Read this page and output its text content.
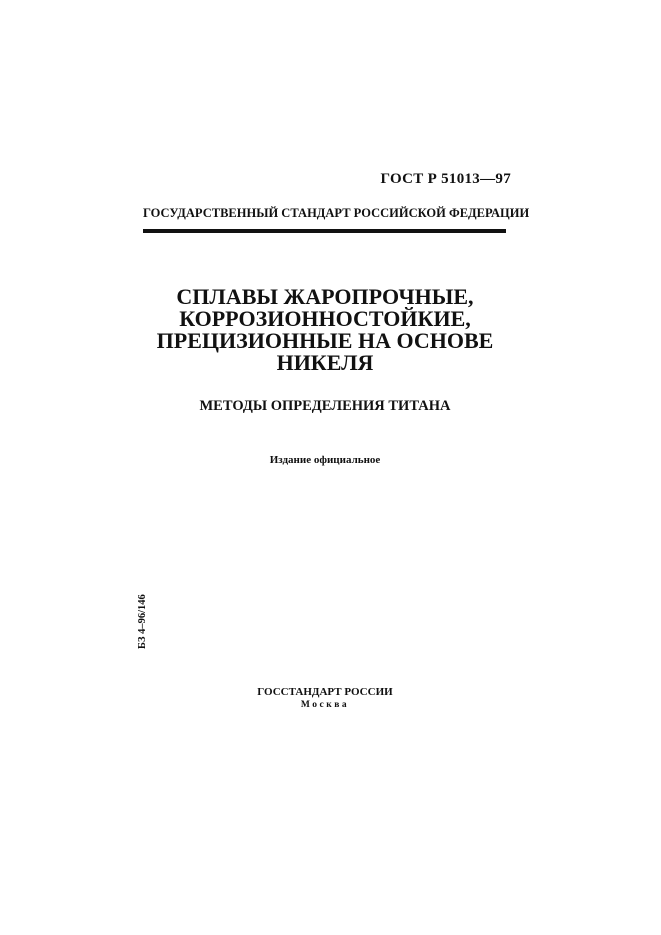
ГОСТ Р 51013—97
ГОСУДАРСТВЕННЫЙ СТАНДАРТ РОССИЙСКОЙ ФЕДЕРАЦИИ
СПЛАВЫ ЖАРОПРОЧНЫЕ,
КОРРОЗИОННОСТОЙКИЕ,
ПРЕЦИЗИОННЫЕ НА ОСНОВЕ
НИКЕЛЯ
МЕТОДЫ ОПРЕДЕЛЕНИЯ ТИТАНА
Издание официальное
БЗ 4–96/146
ГОССТАНДАРТ РОССИИ
Москва
